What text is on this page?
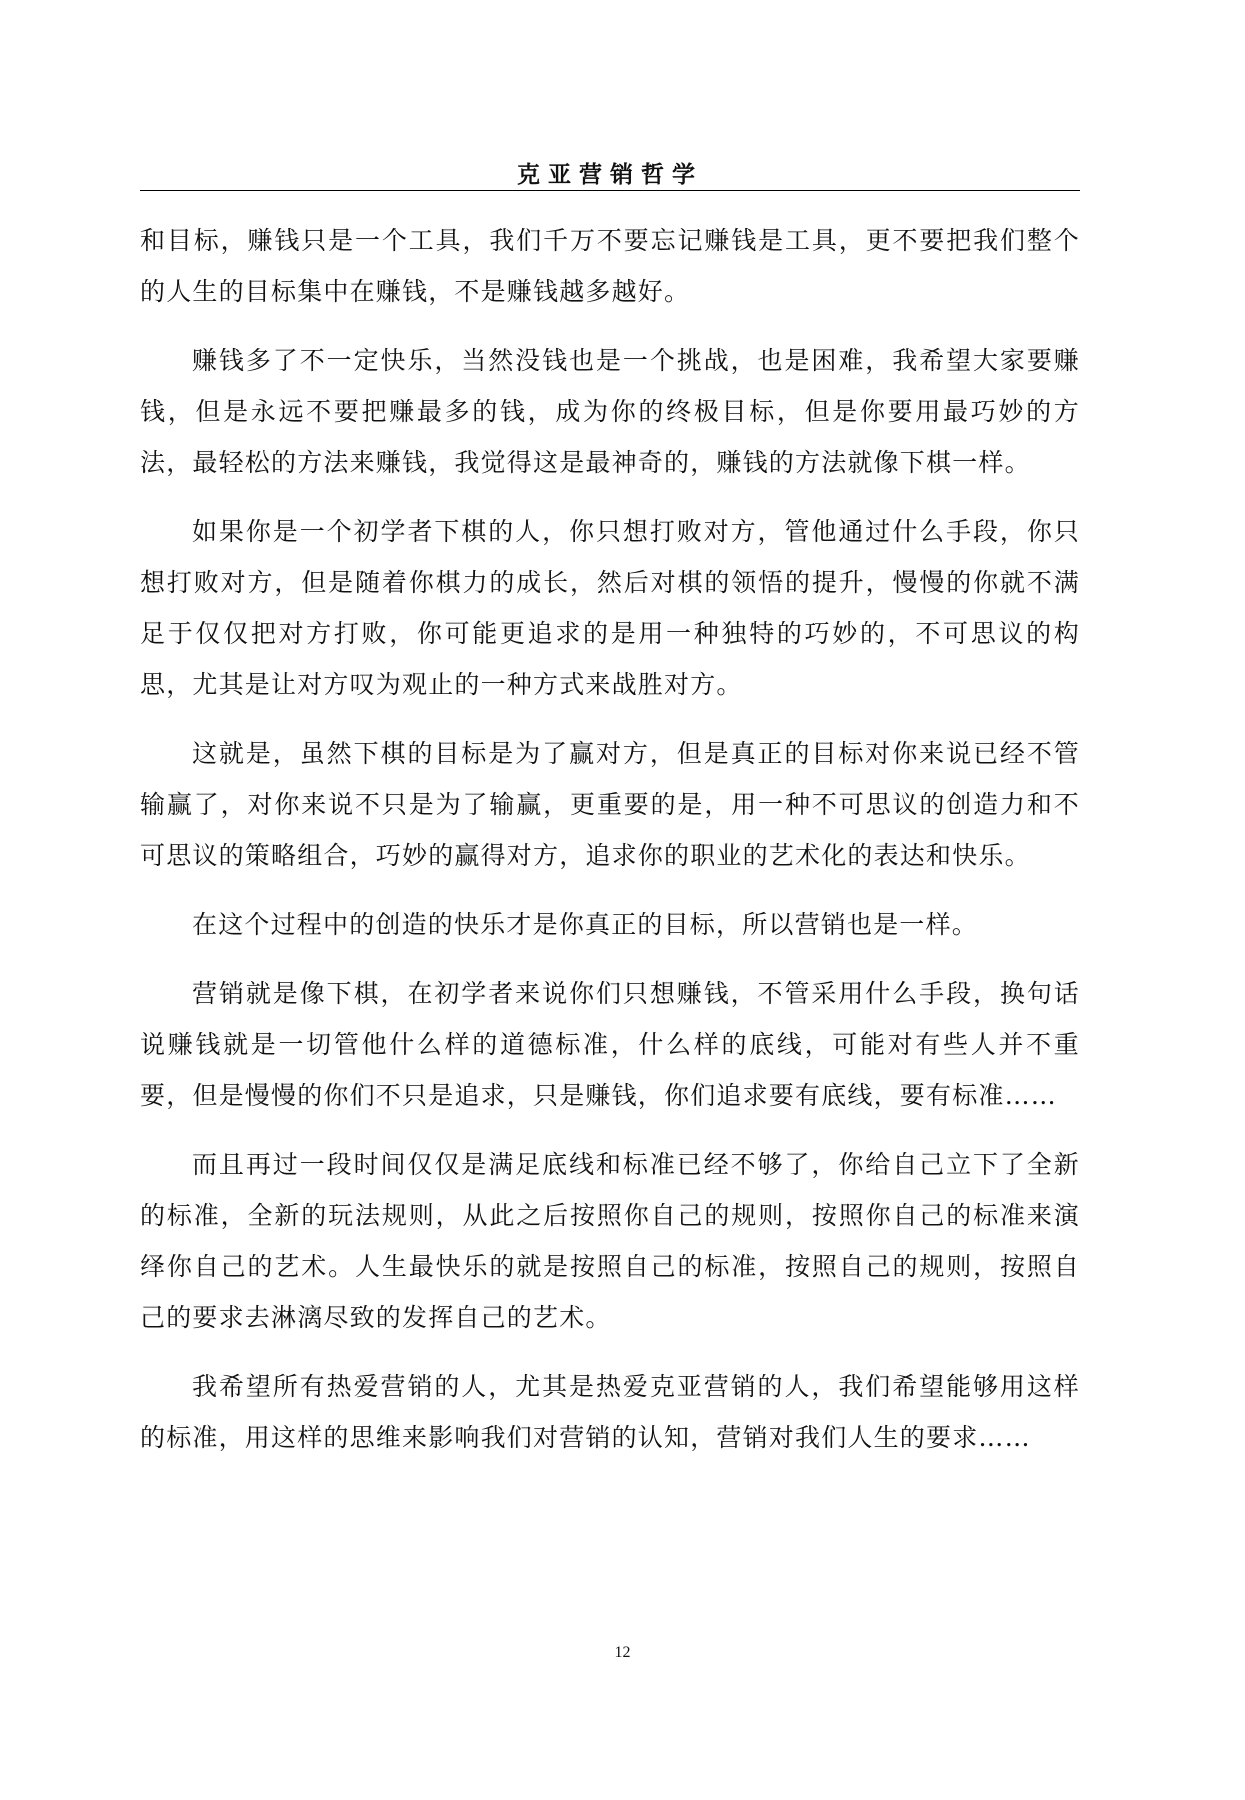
克亚营销哲学

和目标，赚钱只是一个工具，我们千万不要忘记赚钱是工具，更不要把我们整个的人生的目标集中在赚钱，不是赚钱越多越好。

赚钱多了不一定快乐，当然没钱也是一个挑战，也是困难，我希望大家要赚钱，但是永远不要把赚最多的钱，成为你的终极目标，但是你要用最巧妙的方法，最轻松的方法来赚钱，我觉得这是最神奇的，赚钱的方法就像下棋一样。

如果你是一个初学者下棋的人，你只想打败对方，管他通过什么手段，你只想打败对方，但是随着你棋力的成长，然后对棋的领悟的提升，慢慢的你就不满足于仅仅把对方打败，你可能更追求的是用一种独特的巧妙的，不可思议的构思，尤其是让对方叹为观止的一种方式来战胜对方。

这就是，虽然下棋的目标是为了赢对方，但是真正的目标对你来说已经不管输赢了，对你来说不只是为了输赢，更重要的是，用一种不可思议的创造力和不可思议的策略组合，巧妙的赢得对方，追求你的职业的艺术化的表达和快乐。

在这个过程中的创造的快乐才是你真正的目标，所以营销也是一样。

营销就是像下棋，在初学者来说你们只想赚钱，不管采用什么手段，换句话说赚钱就是一切管他什么样的道德标准，什么样的底线，可能对有些人并不重要，但是慢慢的你们不只是追求，只是赚钱，你们追求要有底线，要有标准……

而且再过一段时间仅仅是满足底线和标准已经不够了，你给自己立下了全新的标准，全新的玩法规则，从此之后按照你自己的规则，按照你自己的标准来演绎你自己的艺术。人生最快乐的就是按照自己的标准，按照自己的规则，按照自己的要求去淋漓尽致的发挥自己的艺术。

我希望所有热爱营销的人，尤其是热爱克亚营销的人，我们希望能够用这样的标准，用这样的思维来影响我们对营销的认知，营销对我们人生的要求……

12
